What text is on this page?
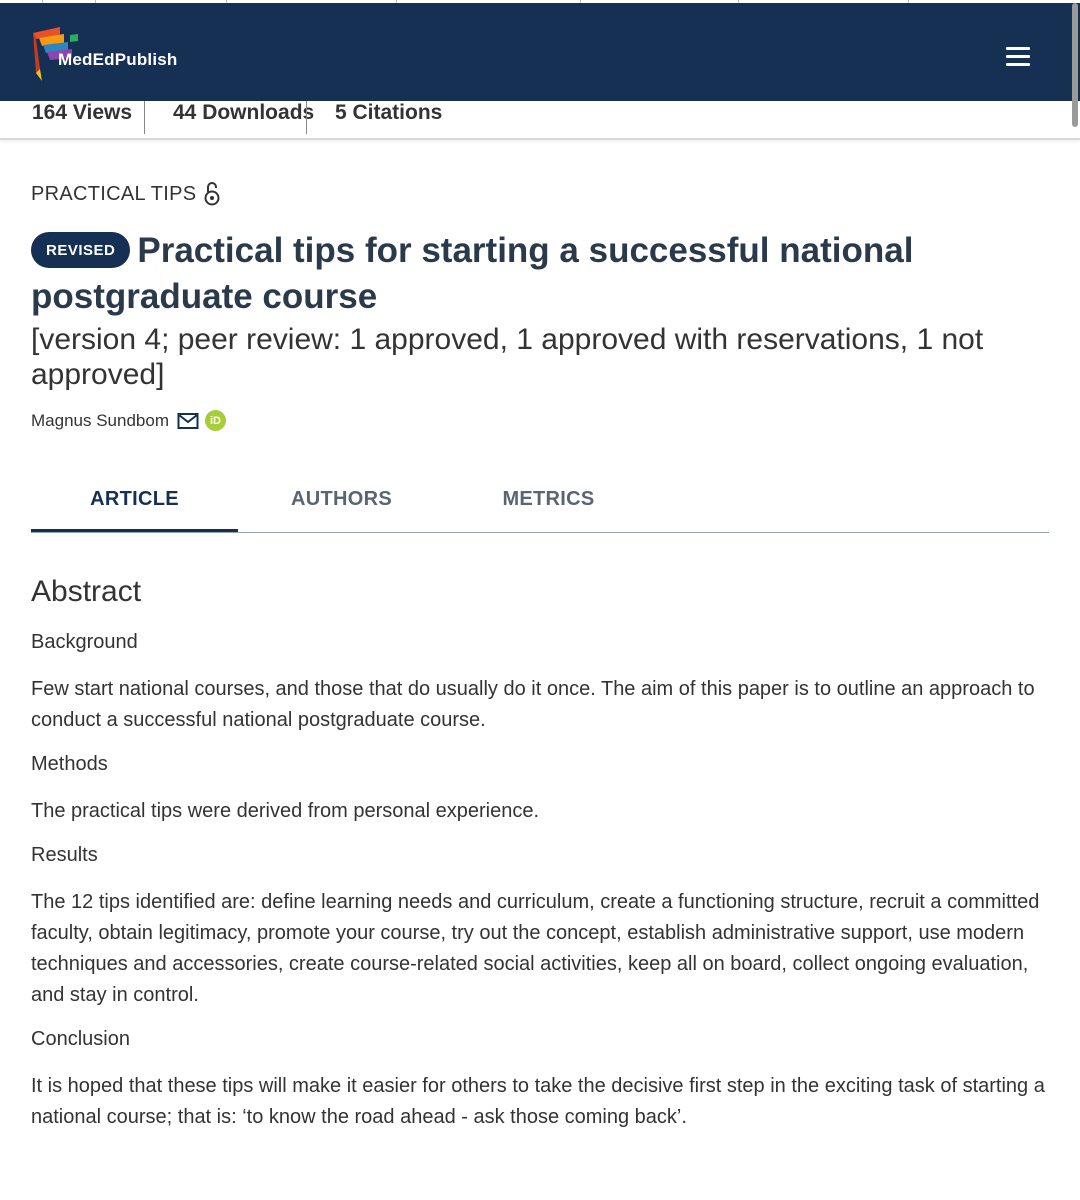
164 Views	44 Downloads 5 Citations
MedEdPublish
PRACTICAL TIPS
REVISED Practical tips for starting a successful national postgraduate course
[version 4; peer review: 1 approved, 1 approved with reservations, 1 not approved]
Magnus Sundbom	iD
ARTICLE	AUTHORS	METRICS
Abstract
Background

Few start national courses, and those that do usually do it once. The aim of this paper is to outline an approach to conduct a successful national postgraduate course.

Methods

The practical tips were derived from personal experience.

Results

The 12 tips identified are: define learning needs and curriculum, create a functioning structure, recruit a committed faculty, obtain legitimacy, promote your course, try out the concept, establish administrative support, use modern techniques and accessories, create course-related social activities, keep all on board, collect ongoing evaluation, and stay in control.

Conclusion

It is hoped that these tips will make it easier for others to take the decisive first step in the exciting task of starting a national course; that is: ‘to know the road ahead - ask those coming back’.
